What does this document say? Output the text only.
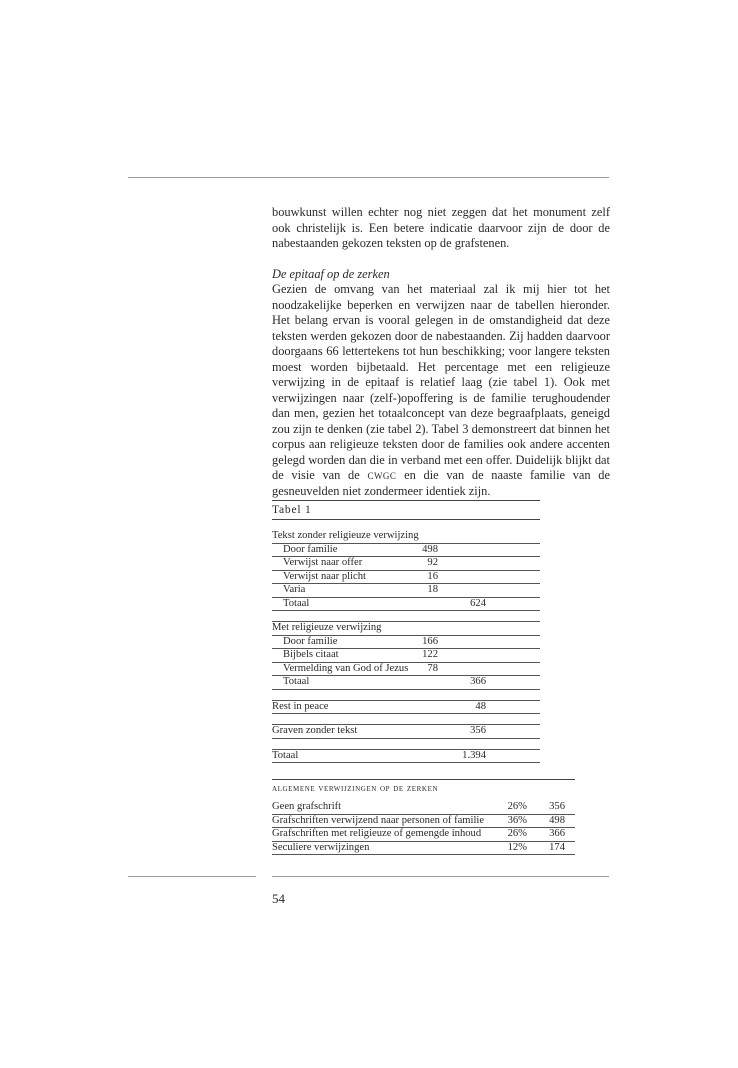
bouwkunst willen echter nog niet zeggen dat het monument zelf ook christelijk is. Een betere indicatie daarvoor zijn de door de nabestaanden gekozen teksten op de grafstenen.

De epitaaf op de zerken

Gezien de omvang van het materiaal zal ik mij hier tot het noodzakelijke beperken en verwijzen naar de tabellen hieronder. Het belang ervan is vooral gelegen in de omstandigheid dat deze teksten werden gekozen door de nabestaanden. Zij hadden daarvoor doorgaans 66 lettertekens tot hun beschikking; voor langere teksten moest worden bijbetaald. Het percentage met een religieuze verwijzing in de epitaaf is relatief laag (zie tabel 1). Ook met verwijzingen naar (zelf-)opoffering is de familie terughoudender dan men, gezien het totaalconcept van deze begraafplaats, geneigd zou zijn te denken (zie tabel 2). Tabel 3 demonstreert dat binnen het corpus aan religieuze teksten door de families ook andere accenten gelegd worden dan die in verband met een offer. Duidelijk blijkt dat de visie van de cwgc en die van de naaste familie van de gesneuvelden niet zondermeer identiek zijn.

Tabel 1
Tekst zonder religieuze verwijzing
Door familie	498
Verwijst naar offer	92
Verwijst naar plicht	16
Varia	18
Totaal	624
Met religieuze verwijzing
Door familie	166
Bijbels citaat	122
Vermelding van God of Jezus 78
Totaal	366
Rest in peace	48
Graven zonder tekst	356
Totaal	1.394
algemene verwijzingen op de zerken
Geen grafschrift	26% 356
Grafschriften verwijzend naar personen of familie 36% 498
Grafschriften met religieuze of gemengde inhoud 26% 366
Seculiere verwijzingen	12% 174
54
